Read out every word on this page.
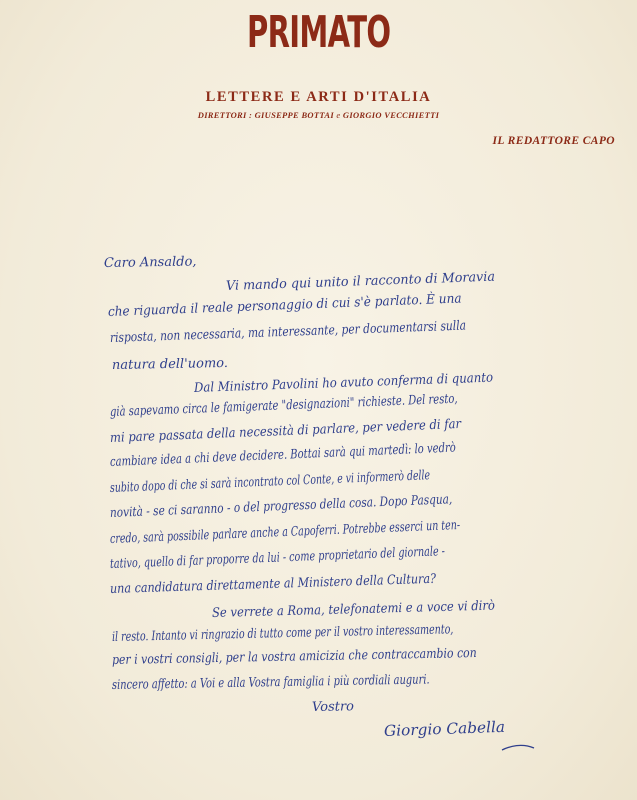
PRIMATO
LETTERE E ARTI D'ITALIA
DIRETTORI : GIUSEPPE BOTTAI e GIORGIO VECCHIETTI
IL REDATTORE CAPO
Caro Ansaldo,
Vi mando qui unito il racconto di Moravia
che riguarda il reale personaggio di cui s'è parlato. È una
risposta, non necessaria, ma interessante, per documentarsi sulla
natura dell'uomo.
Dal Ministro Pavolini ho avuto conferma di quanto
già sapevamo circa le famigerate "designazioni" richieste. Del resto,
mi pare passata della necessità di parlare, per vedere di far
cambiare idea a chi deve decidere. Bottai sarà qui martedì: lo vedrò
subito dopo di che si sarà incontrato col Conte, e vi informerò delle
novità - se ci saranno - o del progresso della cosa. Dopo Pasqua,
credo, sarà possibile parlare anche a Capoferri. Potrebbe esserci un ten-
tativo, quello di far proporre da lui - come proprietario del giornale -
una candidatura direttamente al Ministero della Cultura?
Se verrete a Roma, telefonatemi e a voce vi dirò
il resto. Intanto vi ringrazio di tutto come per il vostro interessamento,
per i vostri consigli, per la vostra amicizia che contraccambio con
sincero affetto: a Voi e alla Vostra famiglia i più cordiali auguri.
Vostro
Giorgio Cabella
